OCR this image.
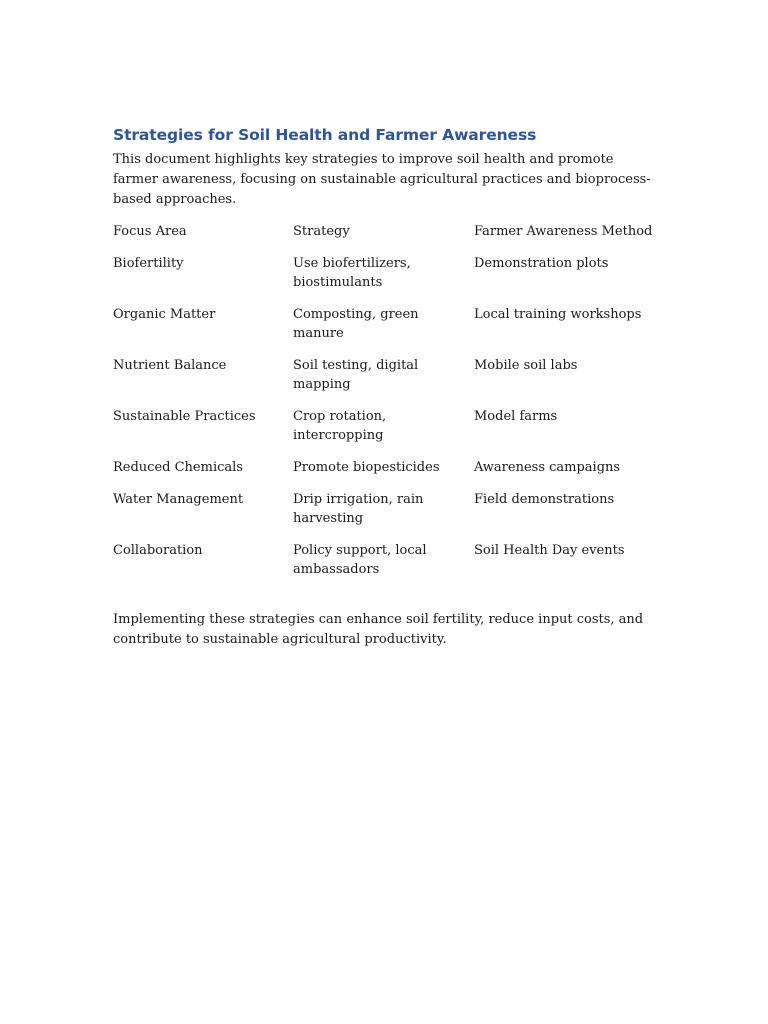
Strategies for Soil Health and Farmer Awareness

This document highlights key strategies to improve soil health and promote farmer awareness, focusing on sustainable agricultural practices and bioprocess-based approaches.

Focus Area	Strategy	Farmer Awareness Method
Biofertility	Use biofertilizers, biostimulants	Demonstration plots
Organic Matter	Composting, green manure	Local training workshops
Nutrient Balance	Soil testing, digital mapping	Mobile soil labs
Sustainable Practices	Crop rotation, intercropping	Model farms
Reduced Chemicals	Promote biopesticides	Awareness campaigns
Water Management	Drip irrigation, rain harvesting	Field demonstrations
Collaboration	Policy support, local ambassadors	Soil Health Day events

Implementing these strategies can enhance soil fertility, reduce input costs, and contribute to sustainable agricultural productivity.
